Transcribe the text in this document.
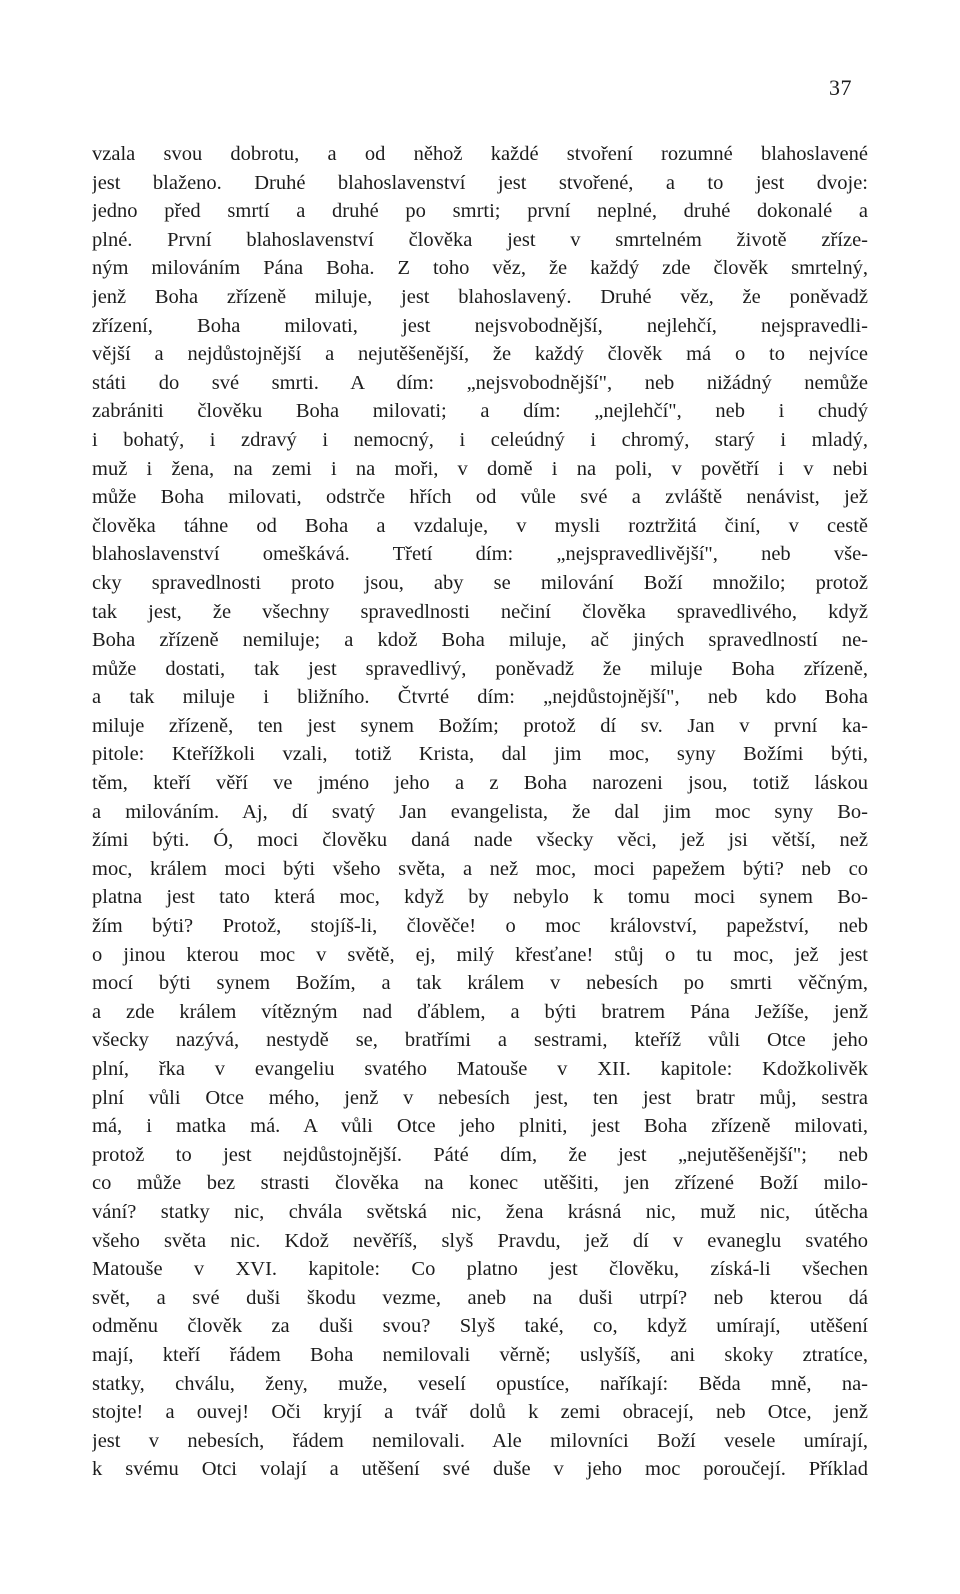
37
vzala svou dobrotu, a od něhož každé stvoření rozumné blahoslavené
jest blaženo. Druhé blahoslavenství jest stvořené, a to jest dvoje:
jedno před smrtí a druhé po smrti; první neplné, druhé dokonalé a
plné. První blahoslavenství člověka jest v smrtelném životě zříze-
ným milováním Pána Boha. Z toho věz, že každý zde člověk smrtelný,
jenž Boha zřízeně miluje, jest blahoslavený. Druhé věz, že poněvadž
zřízení, Boha milovati, jest nejsvobodnější, nejlehčí, nejspravedli-
vější a nejdůstojnější a nejutěšenější, že každý člověk má o to nejvíce
státi do své smrti. A dím: „nejsvobodnější", neb nižádný nemůže
zabrániti člověku Boha milovati; a dím: „nejlehčí", neb i chudý
i bohatý, i zdravý i nemocný, i celeúdný i chromý, starý i mladý,
muž i žena, na zemi i na moři, v domě i na poli, v povětří i v nebi
může Boha milovati, odstrče hřích od vůle své a zvláště nenávist, jež
člověka táhne od Boha a vzdaluje, v mysli roztržitá činí, v cestě
blahoslavenství omeškává. Třetí dím: „nejspravedlivější", neb vše-
cky spravedlnosti proto jsou, aby se milování Boží množilo; protož
tak jest, že všechny spravedlnosti nečiní člověka spravedlivého, když
Boha zřízeně nemiluje; a kdož Boha miluje, ač jiných spravedlností ne-
může dostati, tak jest spravedlivý, poněvadž že miluje Boha zřízeně,
a tak miluje i bližního. Čtvrté dím: „nejdůstojnější", neb kdo Boha
miluje zřízeně, ten jest synem Božím; protož dí sv. Jan v první ka-
pitole: Kteřížkoli vzali, totiž Krista, dal jim moc, syny Božími býti,
těm, kteří věří ve jméno jeho a z Boha narozeni jsou, totiž láskou
a milováním. Aj, dí svatý Jan evangelista, že dal jim moc syny Bo-
žími býti. Ó, moci člověku daná nade všecky věci, jež jsi větší, než
moc, králem moci býti všeho světa, a než moc, moci papežem býti? neb co
platna jest tato která moc, když by nebylo k tomu moci synem Bo-
žím býti? Protož, stojíš-li, člověče! o moc království, papežství, neb
o jinou kterou moc v světě, ej, milý křesťane! stůj o tu moc, jež jest
mocí býti synem Božím, a tak králem v nebesích po smrti věčným,
a zde králem vítězným nad ďáblem, a býti bratrem Pána Ježíše, jenž
všecky nazývá, nestydě se, bratřími a sestrami, kteříž vůli Otce jeho
plní, řka v evangeliu svatého Matouše v XII. kapitole: Kdožkolivěk
plní vůli Otce mého, jenž v nebesích jest, ten jest bratr můj, sestra
má, i matka má. A vůli Otce jeho plniti, jest Boha zřízeně milovati,
protož to jest nejdůstojnější. Páté dím, že jest „nejutěšenější"; neb
co může bez strasti člověka na konec utěšiti, jen zřízené Boží milo-
vání? statky nic, chvála světská nic, žena krásná nic, muž nic, útěcha
všeho světa nic. Kdož nevěříš, slyš Pravdu, jež dí v evaneglu svatého
Matouše v XVI. kapitole: Co platno jest člověku, získá-li všechen
svět, a své duši škodu vezme, aneb na duši utrpí? neb kterou dá
odměnu člověk za duši svou? Slyš také, co, když umírají, utěšení
mají, kteří řádem Boha nemilovali věrně; uslyšíš, ani skoky ztratíce,
statky, chválu, ženy, muže, veselí opustíce, naříkají: Běda mně, na-
stojte! a ouvej! Oči kryjí a tvář dolů k zemi obracejí, neb Otce, jenž
jest v nebesích, řádem nemilovali. Ale milovníci Boží vesele umírají,
k svému Otci volají a utěšení své duše v jeho moc poroučejí. Příklad
